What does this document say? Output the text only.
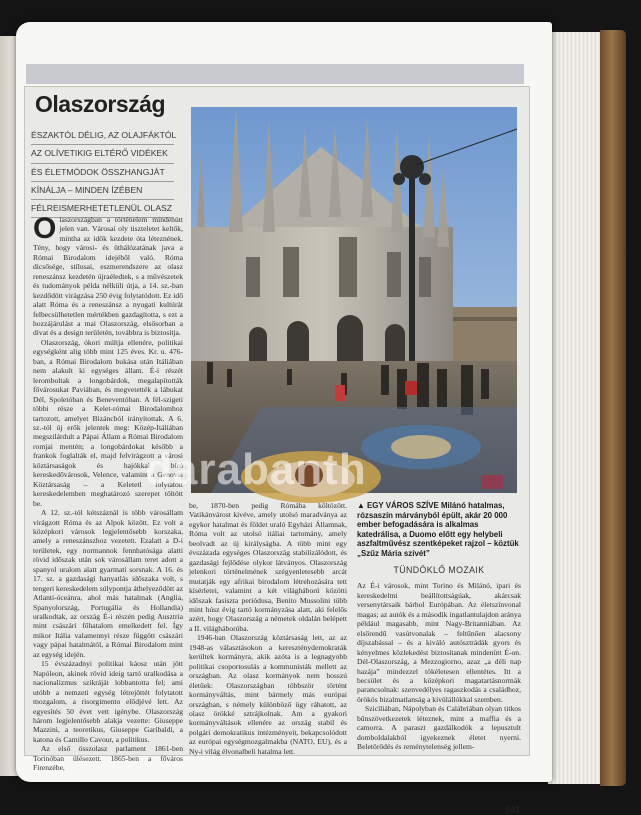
Olaszország
ÉSZAKTÓL DÉLIG, AZ OLAJFÁKTÓL
AZ OLÍVETIKIG ELTÉRŐ VIDÉKEK
ÉS ÉLETMÓDOK ÖSSZHANGJÁT
KÍNÁLJA – MINDEN ÍZÉBEN
FÉLREISMERHETETLENÜL OLASZ

Olaszországban a történelem mindenütt jelen van. Városai oly tiszteletet keltők, mintha az idők kezdete óta léteznének. Tény, hogy városi- és üthálózatának java a Római Birodalom idejéből való. Róma dicsősége, stílusai, eszmerendszere az olasz reneszánsz kezdetén újraéledtek, s a művészetek és tudományok példa nélküli útja, a 14. sz.-ban kezdődött virágzása 250 évig folytatódott. Ez idő alatt Róma és a reneszánsz a nyugati kultúrát felbecsülhetetlen mértékben gazdagította, s ezt a hozzájárulást a mai Olaszország, elsősorban a divat és a design területén, továbbra is biztosítja.

Olaszország, ókori múltja ellenére, politikai egységként alig több mint 125 éves. Kr. u. 476-ban, a Római Birodalom bukása után Itáliában nem alakult ki egységes állam. É-i részét leromboltak a longobárdok, megalapították fővárosukat Paviában, és megvetették a lábukat Dél, Spoletóban és Beneventóban. A fél-szigeti többi része a Kelet-római Birodalomhoz tartozott, amelyet Bizáncból irányítottak. A 6. sz.-tól új erők jelentek meg: Közép-Itáliában megszilárdult a Pápai Állam a Római Birodalom romjai mentén; a longobárdokat később a frankok foglalták el, majd felvirágzott a városi köztársaságok és hajókkal bíró kereskedővárosok, Velence, valamint a Genovai Köztársaság – a Keletetl folytatott kereskedelemben meghatározó szerepet töltött be.

A 12. sz.-tól kétszáznál is több városállam virágzott Róma és az Alpok között. Ez volt a középkori városok legjelentősebb korszaka, amely a reneszánszhoz vezetett. Ezalatt a D-i területek, egy normannok fennhatósága alatti rövid időszak után sok városállam teret adott a spanyol uralom alatt gyarmati sorsnak. A 16. és 17. sz. a gazdasági hanyatlás időszaka volt, s tengeri kereskedelem súlypontja áthelyeződött az Atlanti-óceánra, ahol más hatalmak (Anglia, Spanyolország, Portugália és Hollandia) uralkodtak, az ország É-i részén pedig Ausztria mint császári főhatalom emelkedett fel. Így mikor Itália valamennyi része függött császári vagy pápai hatalmától, a Római Birodalom mint az egység idején.

15 évszázadnyi politikai káosz után jött Napóleon, akinek rövid ideig tartó uralkodása a nacionalizmus szikráját lobbantotta fel; ami utóbb a nemzeti egység létrejöttét folytatott mozgalom, a risorgimento elődjévé lett. Az egyesítés 50 évet vett igénybe. Olaszország három legjelentősebb alakja vezette: Giuseppe Mazzini, a teoretikus, Giuseppe Garibaldi, a katona és Camillo Cavour, a politikus.

Az első összolasz parlament 1861-ben Torinóban ülésezett. 1865-ben a főváros Firenzébe,

be, 1870-ben pedig Rómába költözött. Vatikánvárost kivéve, amely utolsó maradványa az egykor hatalmat és földet uraló Egyházi Államnak, Róma volt az utolsó itáliai tartomány, amely beolvadt az új királyságba. A több mint egy évszázada egységes Olaszország stabilizálódott, és gazdasági fejlődése olykor látványos. Olaszország jelenkori történelmének szégyenletesebb arcát mutatják egy afrikai birodalom létrehozására tett kísérletei, valamint a két világháború közötti időszak fasiszta periódusa, Benito Mussolini több mint húsz évig tartó kormányzása alatt, aki felelős azért, hogy Olaszország a németek oldalán belépett a II. világháborúba.

1946-ban Olaszország köztársaság lett, az az 1948-as választásokon a kereszténydemokraták kerültek kormányra, akik azóta is a legnagyobb politikai csoportosulás a kommunisták mellett az országban. Az olasz kormányok nem hosszú életűek: Olaszországban többször történt kormányváltás, mint bármely más európai országban, s némely különböző ügy ráhatott, az olasz örökké sztrájkolnak. Am a gyakori kormányváltások ellenére az ország stabil és polgári demokratikus intézményeit, bekapcsolódott az európai egységmozgalmakba (NATO, EU), és a Ny-i világ élvonalbeli hatalma lett.

▲ EGY VÁROS SZÍVE Milánó hatalmas, rózsaszín márványból épült, akár 20 000 ember befogadására is alkalmas katedrálisa, a Duomo előtt egy helybeli aszfaltművész szentképeket rajzol – köztük „Szűz Mária szívét”

TÜNDÖKLŐ MOZAIK

Az É-i városok, mint Torino és Milánó, ipari és kereskedelmi beállítottságúak, akárcsak versenytársaik bárhol Európában. Az életszínvonal magas; az autók és a második ingatlantulajdon aránya például magasabb, mint Nagy-Britanniában. Az elsőrendű vasútvonalak – feltűnően alacsony díjszabással – és a kiváló autósztrádák gyors és kényelmes közlekedést biztosítanak mindenütt É-on. Dél-Olaszország, a Mezzogiorno, azaz „a déli nap hazája” mindezzel tökéletesen ellentétes. Itt a becsület és a középkori magatartásnormák parancsolnak: szenvedélyes ragaszkodás a családhoz, örökös bizalmatlanság a kívülállókkal szemben.

Szicíliában, Nápolyban és Calábriában olyan titkos bűnszövetkezetek léteznek, mint a maffia és a camorra. A paraszt gazdálkodók a lepusztult domboldalakból igyekeznek életet nyerni. Beletörődés és reménytelenség jellem-

541
darabanth
